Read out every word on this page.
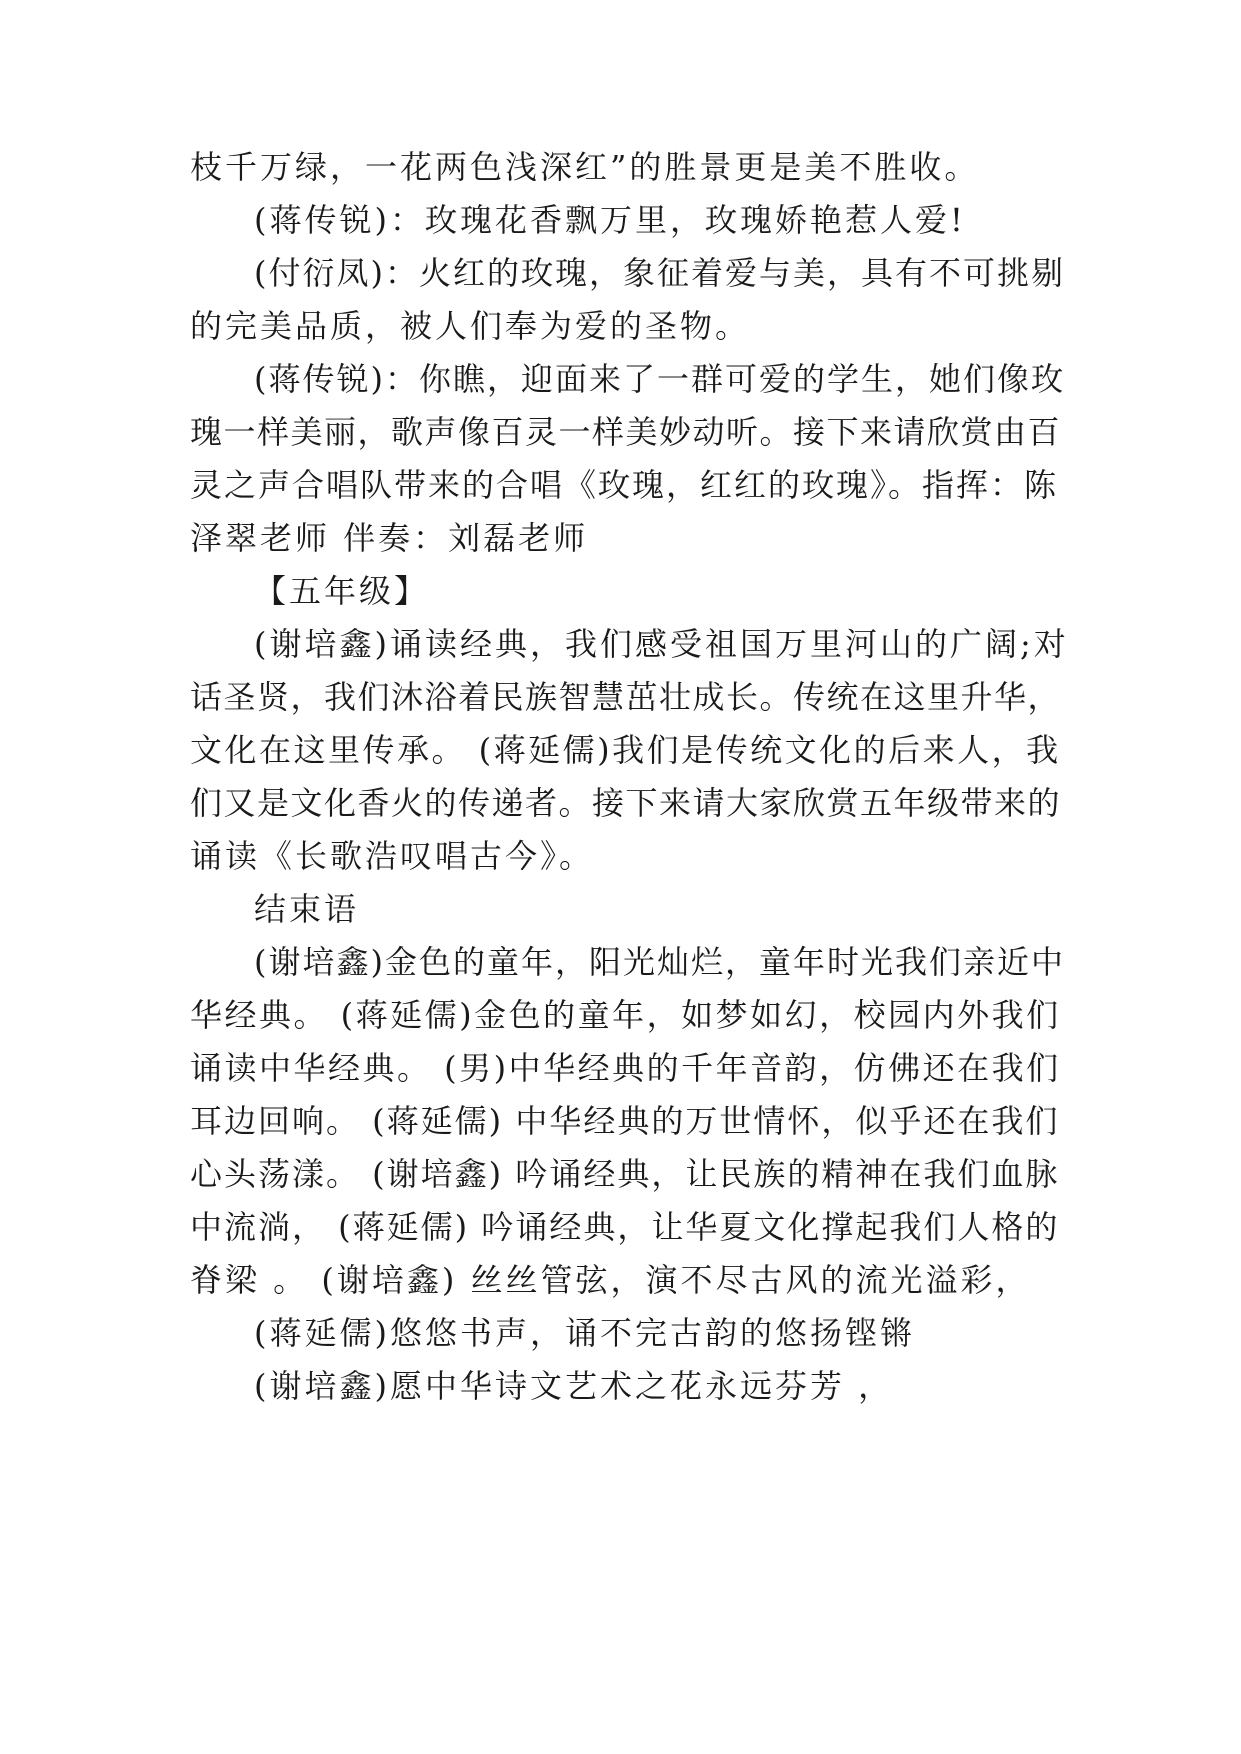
枝千万绿，一花两色浅深红”的胜景更是美不胜收。
(蒋传锐)：玫瑰花香飘万里，玫瑰娇艳惹人爱!
(付衍凤)：火红的玫瑰，象征着爱与美，具有不可挑剔
的完美品质，被人们奉为爱的圣物。
(蒋传锐)：你瞧，迎面来了一群可爱的学生，她们像玫
瑰一样美丽，歌声像百灵一样美妙动听。接下来请欣赏由百
灵之声合唱队带来的合唱《玫瑰，红红的玫瑰》。指挥：陈
泽翠老师 伴奏：刘磊老师
【五年级】
(谢培鑫)诵读经典，我们感受祖国万里河山的广阔;对
话圣贤，我们沐浴着民族智慧茁壮成长。传统在这里升华，
文化在这里传承。 (蒋延儒)我们是传统文化的后来人，我
们又是文化香火的传递者。接下来请大家欣赏五年级带来的
诵读《长歌浩叹唱古今》。
结束语
(谢培鑫)金色的童年，阳光灿烂，童年时光我们亲近中
华经典。 (蒋延儒)金色的童年，如梦如幻，校园内外我们
诵读中华经典。 (男)中华经典的千年音韵，仿佛还在我们
耳边回响。 (蒋延儒) 中华经典的万世情怀，似乎还在我们
心头荡漾。 (谢培鑫) 吟诵经典，让民族的精神在我们血脉
中流淌， (蒋延儒) 吟诵经典，让华夏文化撑起我们人格的
脊梁 。 (谢培鑫) 丝丝管弦，演不尽古风的流光溢彩，
(蒋延儒)悠悠书声，诵不完古韵的悠扬铿锵
(谢培鑫)愿中华诗文艺术之花永远芬芳 ，
